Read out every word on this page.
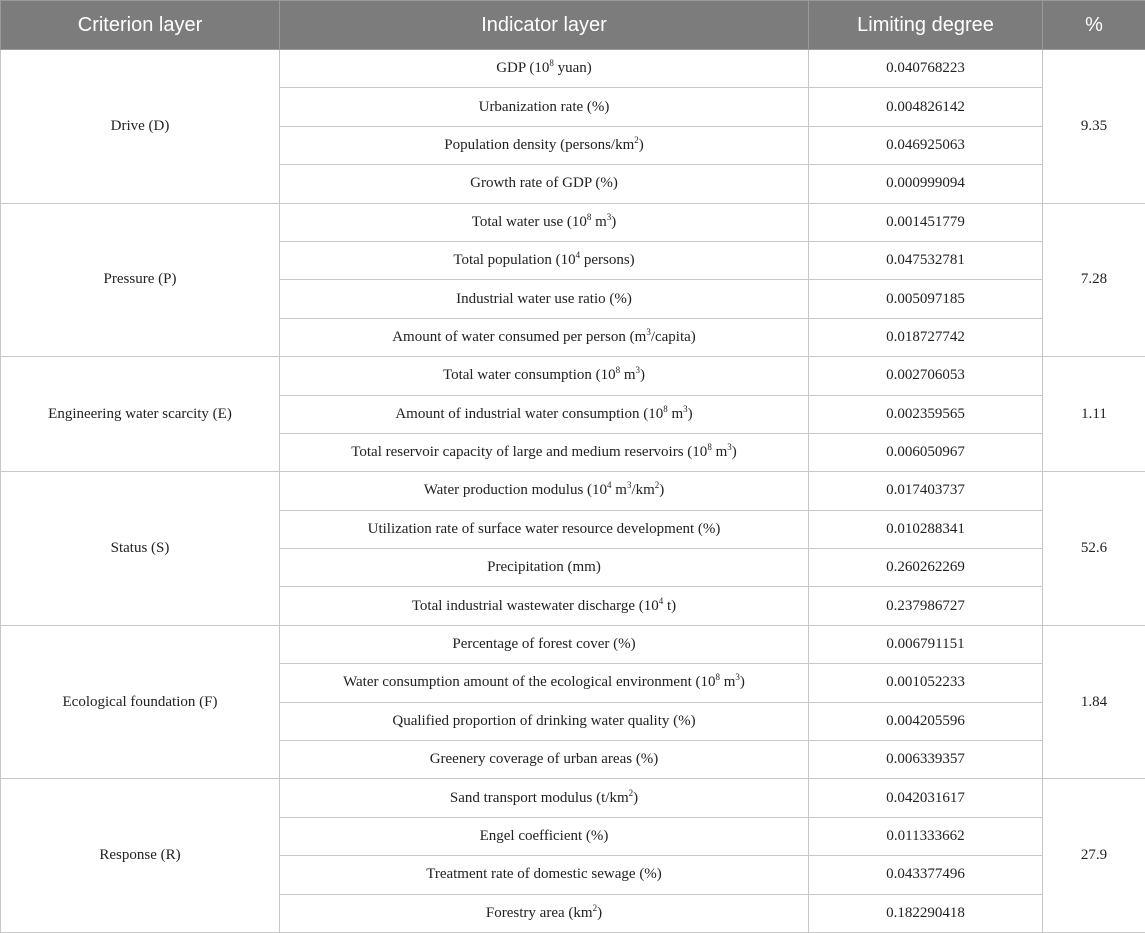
Criterion layer	Indicator layer	Limiting degree	%
Drive (D)	GDP ($10^8$ yuan)	0.040768223	9.35
	Urbanization rate (%)	0.004826142	
	Population density $(persons/km^2)$	0.046925063	
	Growth rate of GDP (%)	0.000999094	
Pressure (P)	Total water use ($10^8$ $m^3$)	0.001451779	7.28
	Total population ($10^4$ persons)	0.047532781	
	Industrial water use ratio (%)	0.005097185	
	Amount of water consumed per person $(m^3/capita)$	0.018727742	
Engineering water scarcity (E)	Total water consumption ($10^8$ $m^3$)	0.002706053	1.11
	Amount of industrial water consumption ($10^8$ $m^3$)	0.002359565	
	Total reservoir capacity of large and medium reservoirs ($10^8$ $m^3$)	0.006050967	
Status (S)	Water production modulus ($10^4$ $m^3/km^2$)	0.017403737	52.6
	Utilization rate of surface water resource development (%)	0.010288341	
	Precipitation (mm)	0.260262269	
	Total industrial wastewater discharge ($10^4$ t)	0.237986727	
Ecological foundation (F)	Percentage of forest cover (%)	0.006791151	1.84
	Water consumption amount of the ecological environment ($10^8$ $m^3$)	0.001052233	
	Qualified proportion of drinking water quality (%)	0.004205596	
	Greenery coverage of urban areas (%)	0.006339357	
Response (R)	Sand transport modulus $(t/km^2)$	0.042031617	27.9
	Engel coefficient (%)	0.011333662	
	Treatment rate of domestic sewage (%)	0.043377496	
	Forestry area $(km^2)$	0.182290418	
